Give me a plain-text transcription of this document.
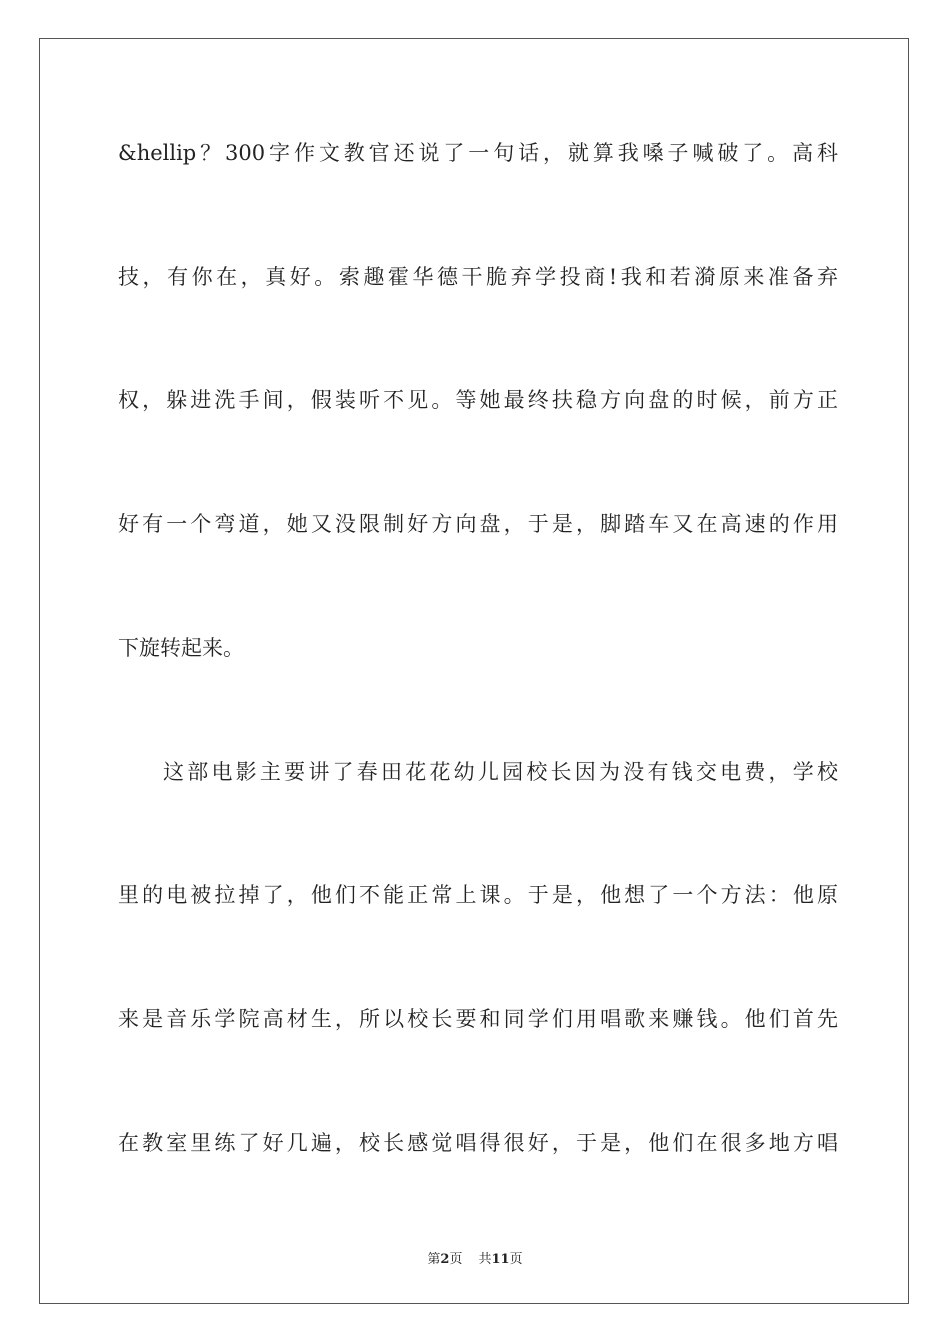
&hellip？300字作文教官还说了一句话，就算我嗓子喊破了。高科
技，有你在，真好。索趣霍华德干脆弃学投商!我和若漪原来准备弃
权，躲进洗手间，假装听不见。等她最终扶稳方向盘的时候，前方正
好有一个弯道，她又没限制好方向盘，于是，脚踏车又在高速的作用
下旋转起来。
这部电影主要讲了春田花花幼儿园校长因为没有钱交电费，学校
里的电被拉掉了，他们不能正常上课。于是，他想了一个方法：他原
来是音乐学院高材生，所以校长要和同学们用唱歌来赚钱。他们首先
在教室里练了好几遍，校长感觉唱得很好，于是，他们在很多地方唱
第2页 共11页
